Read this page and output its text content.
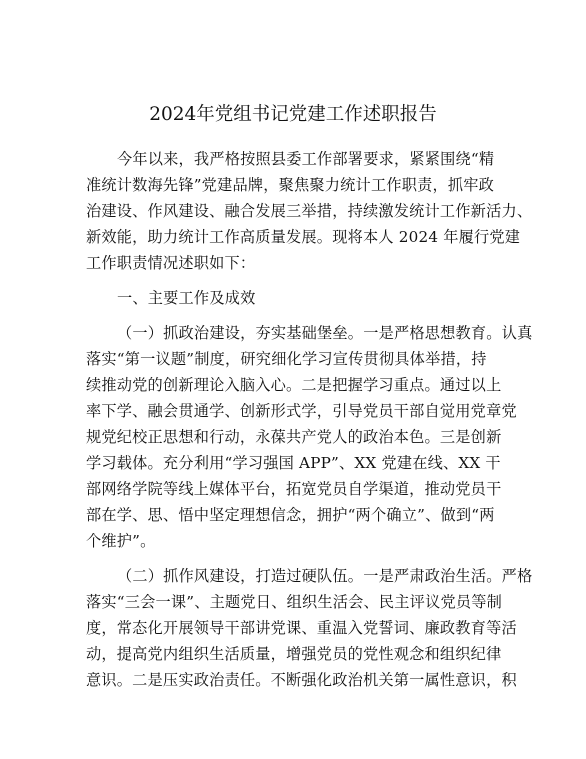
2024年党组书记党建工作述职报告
今年以来，我严格按照县委工作部署要求，紧紧围绕“精
准统计数海先锋”党建品牌，聚焦聚力统计工作职责，抓牢政
治建设、作风建设、融合发展三举措，持续激发统计工作新活力、
新效能，助力统计工作高质量发展。现将本人 2024 年履行党建
工作职责情况述职如下：
一、主要工作及成效
（一）抓政治建设，夯实基础堡垒。一是严格思想教育。认真
落实“第一议题”制度，研究细化学习宣传贯彻具体举措，持
续推动党的创新理论入脑入心。二是把握学习重点。通过以上
率下学、融会贯通学、创新形式学，引导党员干部自觉用党章党
规党纪校正思想和行动，永葆共产党人的政治本色。三是创新
学习载体。充分利用“学习强国 APP”、XX 党建在线、XX 干
部网络学院等线上媒体平台，拓宽党员自学渠道，推动党员干
部在学、思、悟中坚定理想信念，拥护“两个确立”、做到“两
个维护”。
（二）抓作风建设，打造过硬队伍。一是严肃政治生活。严格
落实“三会一课”、主题党日、组织生活会、民主评议党员等制
度，常态化开展领导干部讲党课、重温入党誓词、廉政教育等活
动，提高党内组织生活质量，增强党员的党性观念和组织纪律
意识。二是压实政治责任。不断强化政治机关第一属性意识，积
